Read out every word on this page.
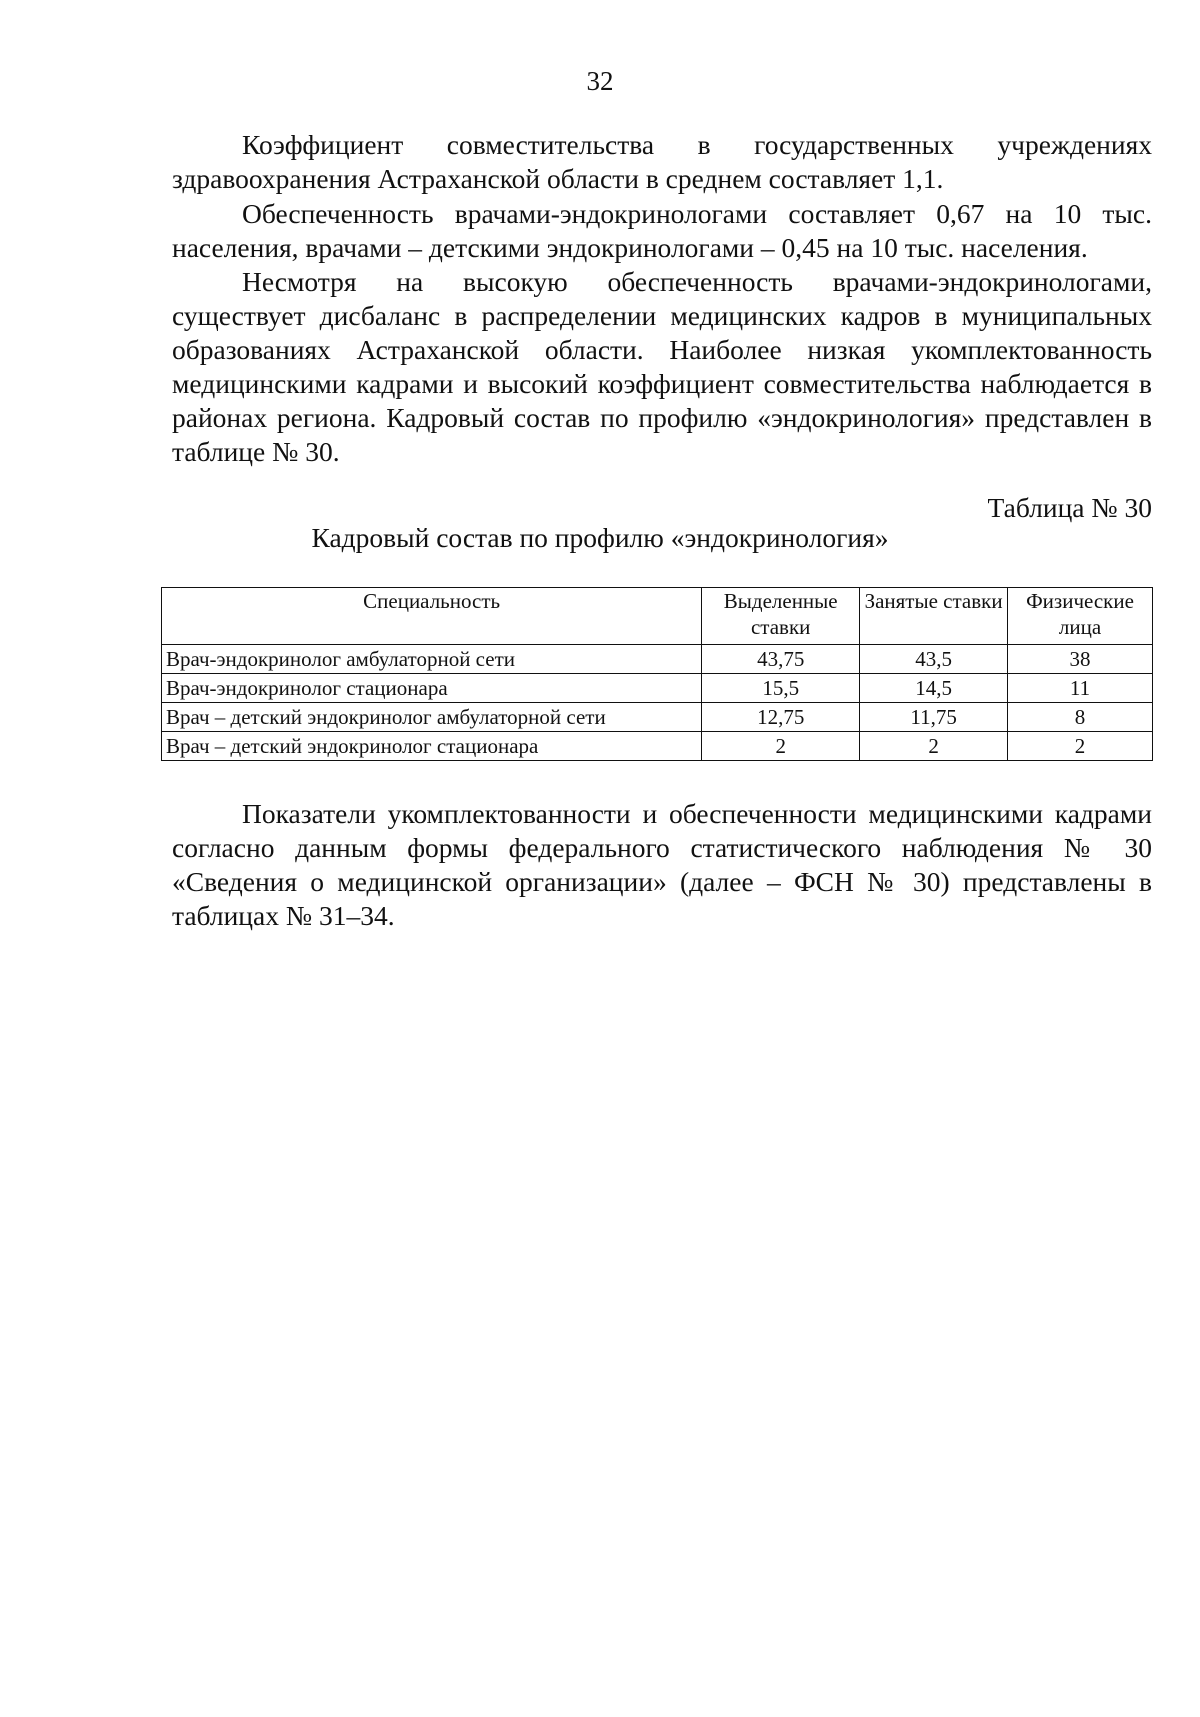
32

Коэффициент совместительства в государственных учреждениях здравоохранения Астраханской области в среднем составляет 1,1.

Обеспеченность врачами-эндокринологами составляет 0,67 на 10 тыс. населения, врачами – детскими эндокринологами – 0,45 на 10 тыс. населения.

Несмотря на высокую обеспеченность врачами-эндокринологами, существует дисбаланс в распределении медицинских кадров в муниципальных образованиях Астраханской области. Наиболее низкая укомплектованность медицинскими кадрами и высокий коэффициент совместительства наблюдается в районах региона. Кадровый состав по профилю «эндокринология» представлен в таблице № 30.

Таблица № 30
Кадровый состав по профилю «эндокринология»
Специальность	Выделенные ставки	Занятые ставки	Физические лица
Врач-эндокринолог амбулаторной сети	43,75	43,5	38
Врач-эндокринолог стационара	15,5	14,5	11
Врач – детский эндокринолог амбулаторной сети	12,75	11,75	8
Врач – детский эндокринолог стационара	2	2	2

Показатели укомплектованности и обеспеченности медицинскими кадрами согласно данным формы федерального статистического наблюдения № 30 «Сведения о медицинской организации» (далее – ФСН № 30) представлены в таблицах № 31–34.
